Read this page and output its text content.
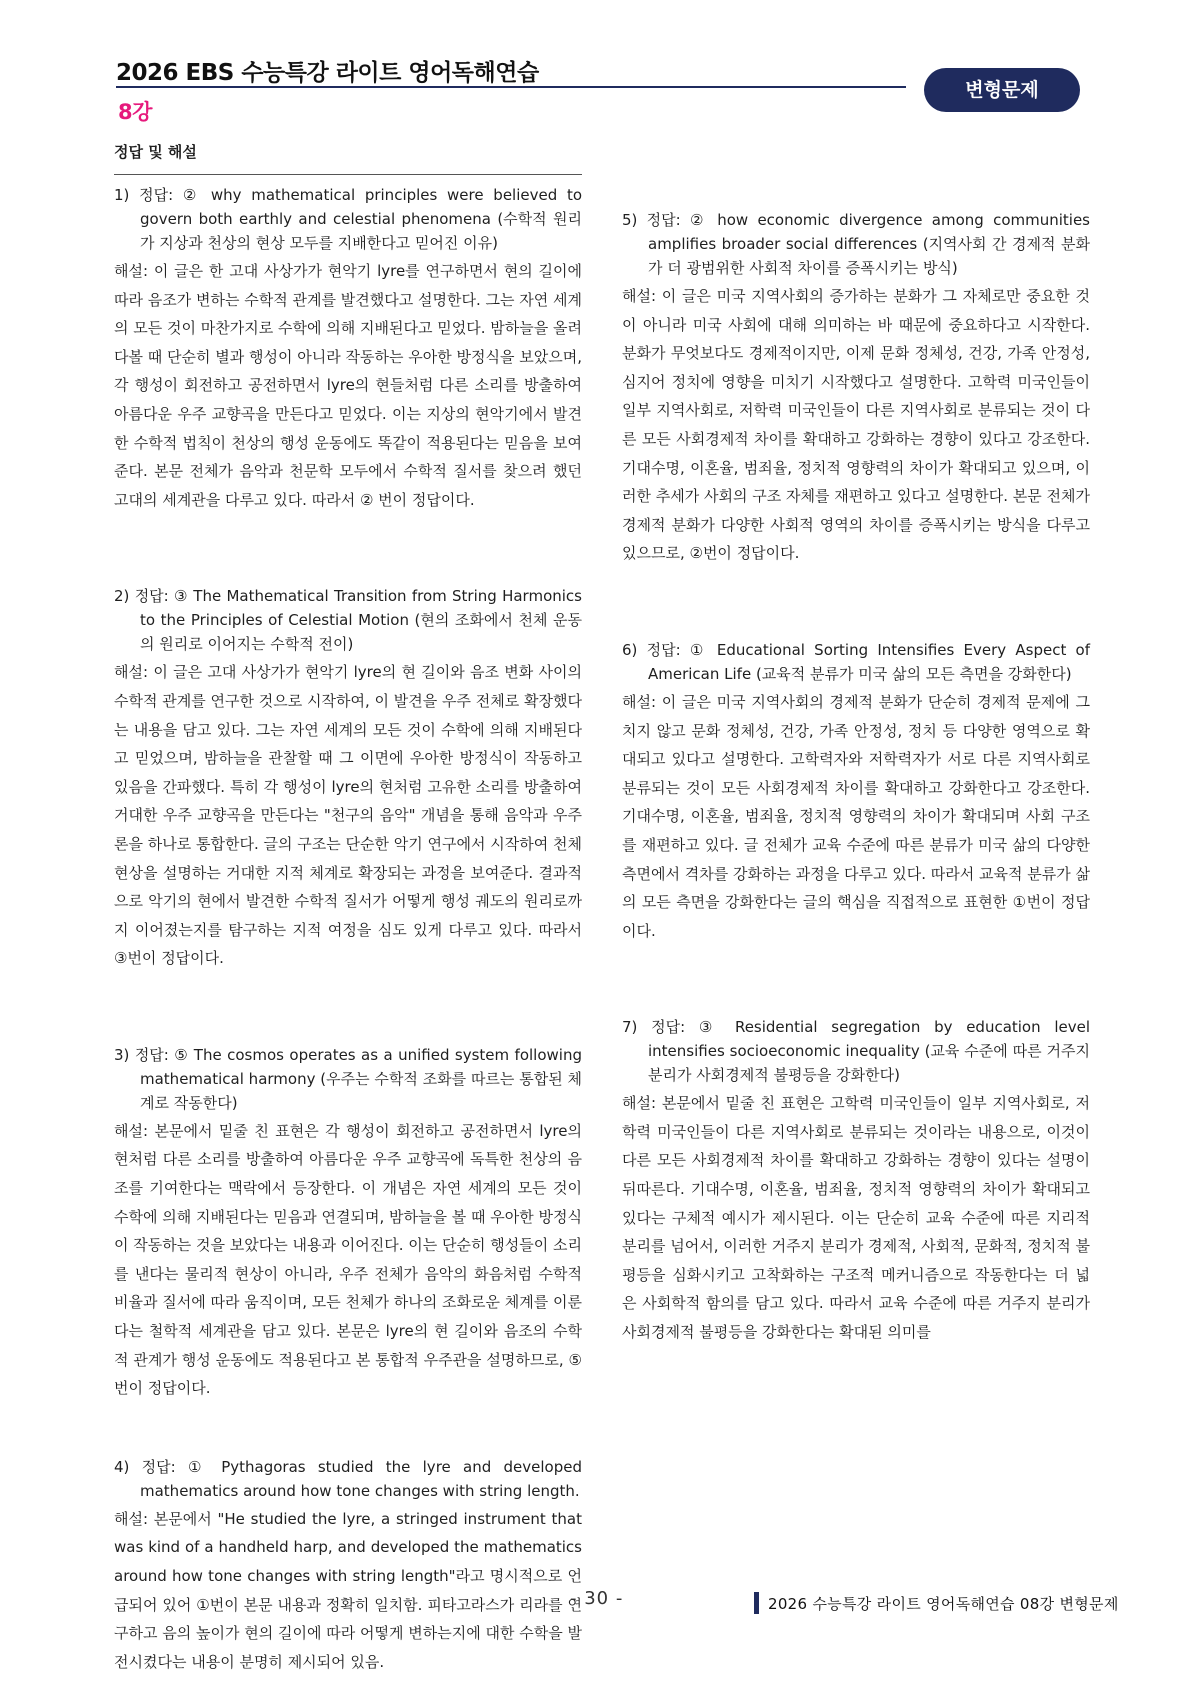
2026 EBS 수능특강 라이트 영어독해연습
8강
변형문제
정답 및 해설
1) 정답: ② why mathematical principles were believed to govern both earthly and celestial phenomena (수학적 원리가 지상과 천상의 현상 모두를 지배한다고 믿어진 이유)

해설: 이 글은 한 고대 사상가가 현악기 lyre를 연구하면서 현의 길이에 따라 음조가 변하는 수학적 관계를 발견했다고 설명한다. 그는 자연 세계의 모든 것이 마찬가지로 수학에 의해 지배된다고 믿었다. 밤하늘을 올려다볼 때 단순히 별과 행성이 아니라 작동하는 우아한 방정식을 보았으며, 각 행성이 회전하고 공전하면서 lyre의 현들처럼 다른 소리를 방출하여 아름다운 우주 교향곡을 만든다고 믿었다. 이는 지상의 현악기에서 발견한 수학적 법칙이 천상의 행성 운동에도 똑같이 적용된다는 믿음을 보여준다. 본문 전체가 음악과 천문학 모두에서 수학적 질서를 찾으려 했던 고대의 세계관을 다루고 있다. 따라서 ② 번이 정답이다.

2) 정답: ③ The Mathematical Transition from String Harmonics to the Principles of Celestial Motion (현의 조화에서 천체 운동의 원리로 이어지는 수학적 전이)

해설: 이 글은 고대 사상가가 현악기 lyre의 현 길이와 음조 변화 사이의 수학적 관계를 연구한 것으로 시작하여, 이 발견을 우주 전체로 확장했다는 내용을 담고 있다. 그는 자연 세계의 모든 것이 수학에 의해 지배된다고 믿었으며, 밤하늘을 관찰할 때 그 이면에 우아한 방정식이 작동하고 있음을 간파했다. 특히 각 행성이 lyre의 현처럼 고유한 소리를 방출하여 거대한 우주 교향곡을 만든다는 "천구의 음악" 개념을 통해 음악과 우주론을 하나로 통합한다. 글의 구조는 단순한 악기 연구에서 시작하여 천체 현상을 설명하는 거대한 지적 체계로 확장되는 과정을 보여준다. 결과적으로 악기의 현에서 발견한 수학적 질서가 어떻게 행성 궤도의 원리로까지 이어졌는지를 탐구하는 지적 여정을 심도 있게 다루고 있다. 따라서 ③번이 정답이다.

3) 정답: ⑤ The cosmos operates as a unified system following mathematical harmony (우주는 수학적 조화를 따르는 통합된 체계로 작동한다)

해설: 본문에서 밑줄 친 표현은 각 행성이 회전하고 공전하면서 lyre의 현처럼 다른 소리를 방출하여 아름다운 우주 교향곡에 독특한 천상의 음조를 기여한다는 맥락에서 등장한다. 이 개념은 자연 세계의 모든 것이 수학에 의해 지배된다는 믿음과 연결되며, 밤하늘을 볼 때 우아한 방정식이 작동하는 것을 보았다는 내용과 이어진다. 이는 단순히 행성들이 소리를 낸다는 물리적 현상이 아니라, 우주 전체가 음악의 화음처럼 수학적 비율과 질서에 따라 움직이며, 모든 천체가 하나의 조화로운 체계를 이룬다는 철학적 세계관을 담고 있다. 본문은 lyre의 현 길이와 음조의 수학적 관계가 행성 운동에도 적용된다고 본 통합적 우주관을 설명하므로, ⑤번이 정답이다.

4) 정답: ① Pythagoras studied the lyre and developed mathematics around how tone changes with string length.

해설: 본문에서 "He studied the lyre, a stringed instrument that was kind of a handheld harp, and developed the mathematics around how tone changes with string length"라고 명시적으로 언급되어 있어 ①번이 본문 내용과 정확히 일치함. 피타고라스가 리라를 연구하고 음의 높이가 현의 길이에 따라 어떻게 변하는지에 대한 수학을 발전시켰다는 내용이 분명히 제시되어 있음.

5) 정답: ② how economic divergence among communities amplifies broader social differences (지역사회 간 경제적 분화가 더 광범위한 사회적 차이를 증폭시키는 방식)

해설: 이 글은 미국 지역사회의 증가하는 분화가 그 자체로만 중요한 것이 아니라 미국 사회에 대해 의미하는 바 때문에 중요하다고 시작한다. 분화가 무엇보다도 경제적이지만, 이제 문화 정체성, 건강, 가족 안정성, 심지어 정치에 영향을 미치기 시작했다고 설명한다. 고학력 미국인들이 일부 지역사회로, 저학력 미국인들이 다른 지역사회로 분류되는 것이 다른 모든 사회경제적 차이를 확대하고 강화하는 경향이 있다고 강조한다. 기대수명, 이혼율, 범죄율, 정치적 영향력의 차이가 확대되고 있으며, 이러한 추세가 사회의 구조 자체를 재편하고 있다고 설명한다. 본문 전체가 경제적 분화가 다양한 사회적 영역의 차이를 증폭시키는 방식을 다루고 있으므로, ②번이 정답이다.

6) 정답: ① Educational Sorting Intensifies Every Aspect of American Life (교육적 분류가 미국 삶의 모든 측면을 강화한다)

해설: 이 글은 미국 지역사회의 경제적 분화가 단순히 경제적 문제에 그치지 않고 문화 정체성, 건강, 가족 안정성, 정치 등 다양한 영역으로 확대되고 있다고 설명한다. 고학력자와 저학력자가 서로 다른 지역사회로 분류되는 것이 모든 사회경제적 차이를 확대하고 강화한다고 강조한다. 기대수명, 이혼율, 범죄율, 정치적 영향력의 차이가 확대되며 사회 구조를 재편하고 있다. 글 전체가 교육 수준에 따른 분류가 미국 삶의 다양한 측면에서 격차를 강화하는 과정을 다루고 있다. 따라서 교육적 분류가 삶의 모든 측면을 강화한다는 글의 핵심을 직접적으로 표현한 ①번이 정답이다.

7) 정답: ③ Residential segregation by education level intensifies socioeconomic inequality (교육 수준에 따른 거주지 분리가 사회경제적 불평등을 강화한다)

해설: 본문에서 밑줄 친 표현은 고학력 미국인들이 일부 지역사회로, 저학력 미국인들이 다른 지역사회로 분류되는 것이라는 내용으로, 이것이 다른 모든 사회경제적 차이를 확대하고 강화하는 경향이 있다는 설명이 뒤따른다. 기대수명, 이혼율, 범죄율, 정치적 영향력의 차이가 확대되고 있다는 구체적 예시가 제시된다. 이는 단순히 교육 수준에 따른 지리적 분리를 넘어서, 이러한 거주지 분리가 경제적, 사회적, 문화적, 정치적 불평등을 심화시키고 고착화하는 구조적 메커니즘으로 작동한다는 더 넓은 사회학적 함의를 담고 있다. 따라서 교육 수준에 따른 거주지 분리가 사회경제적 불평등을 강화한다는 확대된 의미를

- 30 -	2026 수능특강 라이트 영어독해연습 08강 변형문제
